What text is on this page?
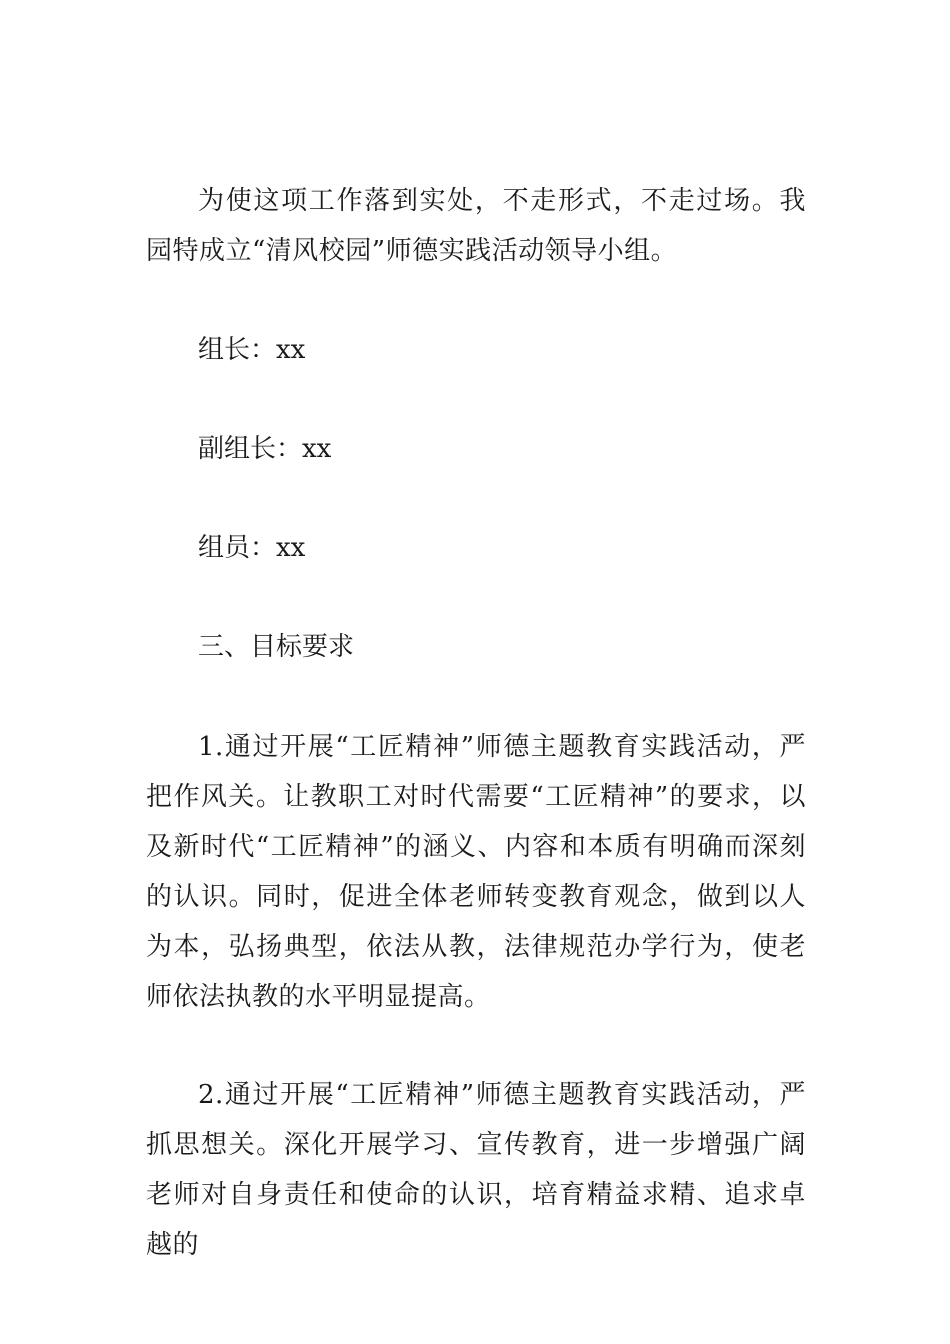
为使这项工作落到实处，不走形式，不走过场。我园特成立“清风校园”师德实践活动领导小组。

组长：xx

副组长：xx

组员：xx

三、目标要求

1.通过开展“工匠精神”师德主题教育实践活动，严把作风关。让教职工对时代需要“工匠精神”的要求，以及新时代“工匠精神”的涵义、内容和本质有明确而深刻的认识。同时，促进全体老师转变教育观念，做到以人为本，弘扬典型，依法从教，法律规范办学行为，使老师依法执教的水平明显提高。

2.通过开展“工匠精神”师德主题教育实践活动，严抓思想关。深化开展学习、宣传教育，进一步增强广阔老师对自身责任和使命的认识，培育精益求精、追求卓越的
